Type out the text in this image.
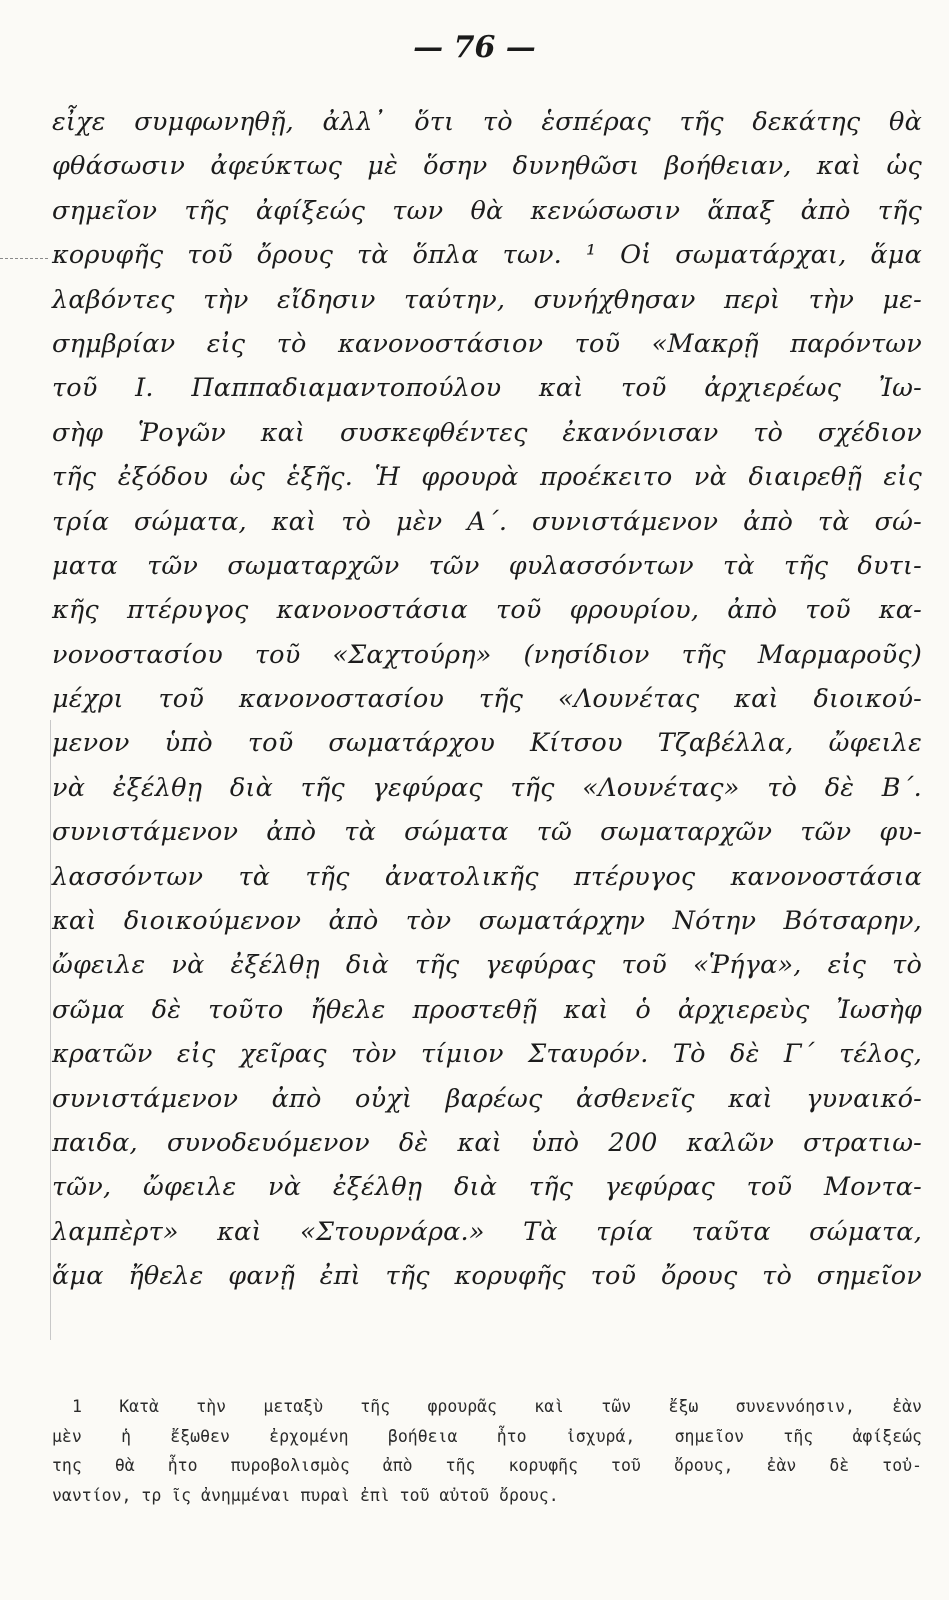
— 76 —
εἶχε συμφωνηθῇ, ἀλλ᾽ ὅτι τὸ ἑσπέρας τῆς δεκάτης θὰ
φθάσωσιν ἀφεύκτως μὲ ὅσην δυνηθῶσι βοήθειαν, καὶ ὡς
σημεῖον τῆς ἀφίξεώς των θὰ κενώσωσιν ἅπαξ ἀπὸ τῆς
κορυφῆς τοῦ ὄρους τὰ ὅπλα των. ¹ Οἱ σωματάρχαι, ἅμα
λαβόντες τὴν εἴδησιν ταύτην, συνήχθησαν περὶ τὴν με-
σημβρίαν εἰς τὸ κανονοστάσιον τοῦ «Μακρῇ παρόντων
τοῦ Ι. Παππαδιαμαντοπούλου καὶ τοῦ ἀρχιερέως Ἰω-
σὴφ Ῥογῶν καὶ συσκεφθέντες ἐκανόνισαν τὸ σχέδιον
τῆς ἐξόδου ὡς ἑξῆς. Ἡ φρουρὰ προέκειτο νὰ διαιρεθῇ εἰς
τρία σώματα, καὶ τὸ μὲν Α΄. συνιστάμενον ἀπὸ τὰ σώ-
ματα τῶν σωματαρχῶν τῶν φυλασσόντων τὰ τῆς δυτι-
κῆς πτέρυγος κανονοστάσια τοῦ φρουρίου, ἀπὸ τοῦ κα-
νονοστασίου τοῦ «Σαχτούρη» (νησίδιον τῆς Μαρμαροῦς)
μέχρι τοῦ κανονοστασίου τῆς «Λουνέτας καὶ διοικού-
μενον ὑπὸ τοῦ σωματάρχου Κίτσου Τζαβέλλα, ὤφειλε
νὰ ἐξέλθῃ διὰ τῆς γεφύρας τῆς «Λουνέτας» τὸ δὲ Β΄.
συνιστάμενον ἀπὸ τὰ σώματα τῶ σωματαρχῶν τῶν φυ-
λασσόντων τὰ τῆς ἀνατολικῆς πτέρυγος κανονοστάσια
καὶ διοικούμενον ἀπὸ τὸν σωματάρχην Νότην Βότσαρην,
ὤφειλε νὰ ἐξέλθῃ διὰ τῆς γεφύρας τοῦ «Ῥήγα», εἰς τὸ
σῶμα δὲ τοῦτο ἤθελε προστεθῇ καὶ ὁ ἀρχιερεὺς Ἰωσὴφ
κρατῶν εἰς χεῖρας τὸν τίμιον Σταυρόν. Τὸ δὲ Γ΄ τέλος,
συνιστάμενον ἀπὸ οὐχὶ βαρέως ἀσθενεῖς καὶ γυναικό-
παιδα, συνοδευόμενον δὲ καὶ ὑπὸ 200 καλῶν στρατιω-
τῶν, ὤφειλε νὰ ἐξέλθῃ διὰ τῆς γεφύρας τοῦ Μοντα-
λαμπὲρτ» καὶ «Στουρνάρα.» Τὰ τρία ταῦτα σώματα,
ἅμα ἤθελε φανῇ ἐπὶ τῆς κορυφῆς τοῦ ὄρους τὸ σημεῖον
1 Κατὰ τὴν μεταξὺ τῆς φρουρᾶς καὶ τῶν ἔξω συνεννόησιν, ἐὰν
μὲν ἡ ἔξωθεν ἐρχομένη βοήθεια ἦτο ἰσχυρά, σημεῖον τῆς ἀφίξεώς
της θὰ ἦτο πυροβολισμὸς ἀπὸ τῆς κορυφῆς τοῦ ὄρους, ἐὰν δὲ τοὐ-
ναντίον, τρ ῖς ἀνημμέναι πυραὶ ἐπὶ τοῦ αὐτοῦ ὄρους.
